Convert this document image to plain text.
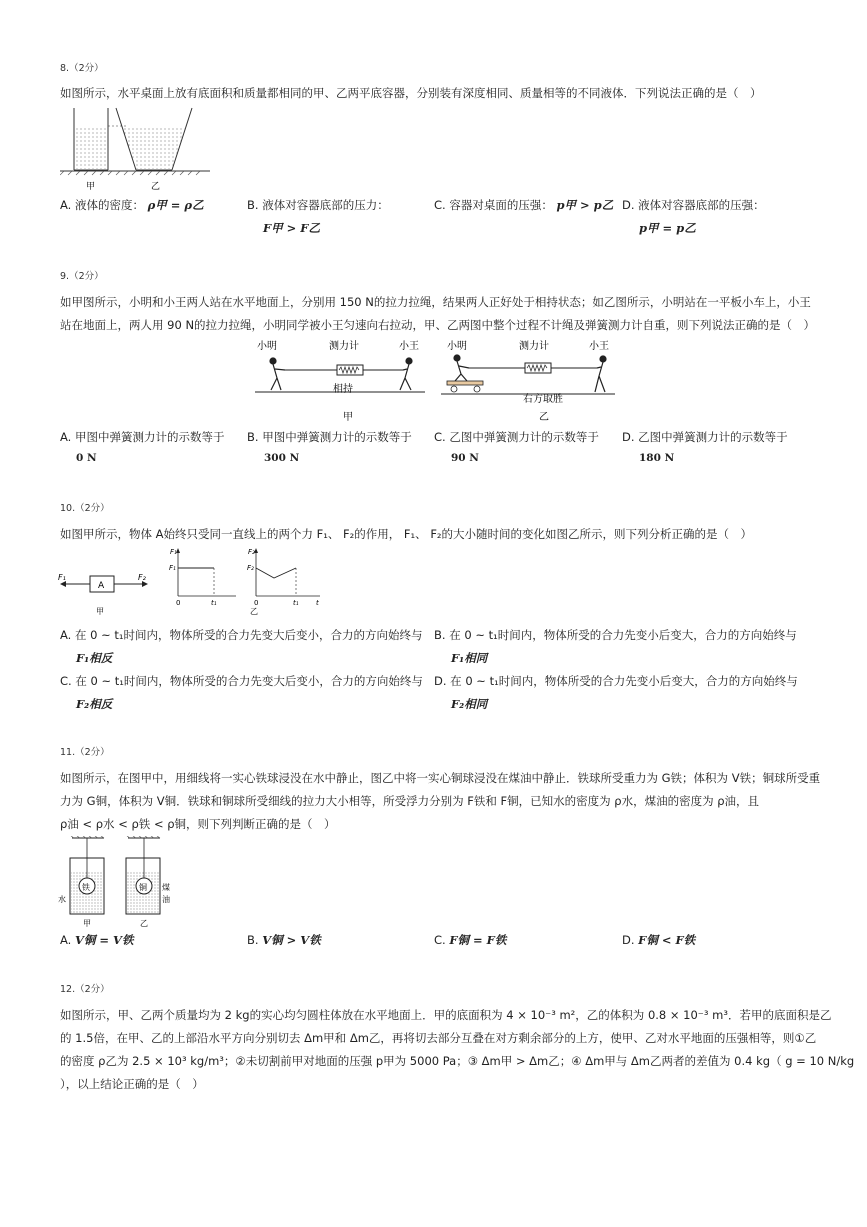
8.（2分）
如图所示，水平桌面上放有底面积和质量都相同的甲、乙两平底容器，分别装有深度相同、质量相等的不同液体．下列说法正确的是（　）
甲	乙
A. 液体的密度： ρ甲 = ρ乙	B. 液体对容器底部的压力：
F甲 > F乙
C. 容器对桌面的压强： p甲 > p乙 D. 液体对容器底部的压强：
p甲 = p乙
9.（2分）
如甲图所示，小明和小王两人站在水平地面上，分别用 150 N的拉力拉绳，结果两人正好处于相持状态；如乙图所示，小明站在一平板小车上，小王
站在地面上，两人用 90 N的拉力拉绳，小明同学被小王匀速向右拉动，甲、乙两图中整个过程不计绳及弹簧测力计自重，则下列说法正确的是（　）
小明	测力计	小王
相持
甲
小明	测力计	小王
右方取胜
乙
A. 甲图中弹簧测力计的示数等于
0 N
B. 甲图中弹簧测力计的示数等于
300 N
C. 乙图中弹簧测力计的示数等于
90 N
D. 乙图中弹簧测力计的示数等于
180 N
10.（2分）
如图甲所示，物体 A始终只受同一直线上的两个力 F₁、 F₂的作用， F₁、 F₂的大小随时间的变化如图乙所示，则下列分析正确的是（　）
F₁	F₂
A
甲
F₁
F₁
0	t₁
F₂
F₂
0	t₁ t
乙
A. 在 0 ~ t₁时间内，物体所受的合力先变大后变小，合力的方向始终与
F₁相反
B. 在 0 ~ t₁时间内，物体所受的合力先变小后变大，合力的方向始终与
F₁相同
C. 在 0 ~ t₁时间内，物体所受的合力先变大后变小，合力的方向始终与
F₂相反
D. 在 0 ~ t₁时间内，物体所受的合力先变小后变大，合力的方向始终与
F₂相同
11.（2分）
如图所示，在图甲中，用细线将一实心铁球浸没在水中静止，图乙中将一实心铜球浸没在煤油中静止．铁球所受重力为 G铁；体积为 V铁；铜球所受重
力为 G铜，体积为 V铜．铁球和铜球所受细线的拉力大小相等，所受浮力分别为 F铁和 F铜，已知水的密度为 ρ水，煤油的密度为 ρ油，且
ρ油 < ρ水 < ρ铁 < ρ铜，则下列判断正确的是（　）
铁
水
甲
铜 煤
油
乙
A. V铜 = V铁	B. V铜 > V铁	C. F铜 = F铁	D. F铜 < F铁
12.（2分）
如图所示，甲、乙两个质量均为 2 kg的实心均匀圆柱体放在水平地面上．甲的底面积为 4 × 10⁻³ m²，乙的体积为 0.8 × 10⁻³ m³．若甲的底面积是乙
的 1.5倍，在甲、乙的上部沿水平方向分别切去 Δm甲和 Δm乙，再将切去部分互叠在对方剩余部分的上方，使甲、乙对水平地面的压强相等，则①乙
的密度 ρ乙为 2.5 × 10³ kg/m³；②未切割前甲对地面的压强 p甲为 5000 Pa；③ Δm甲 > Δm乙；④ Δm甲与 Δm乙两者的差值为 0.4 kg（ g = 10 N/kg
），以上结论正确的是（　）
